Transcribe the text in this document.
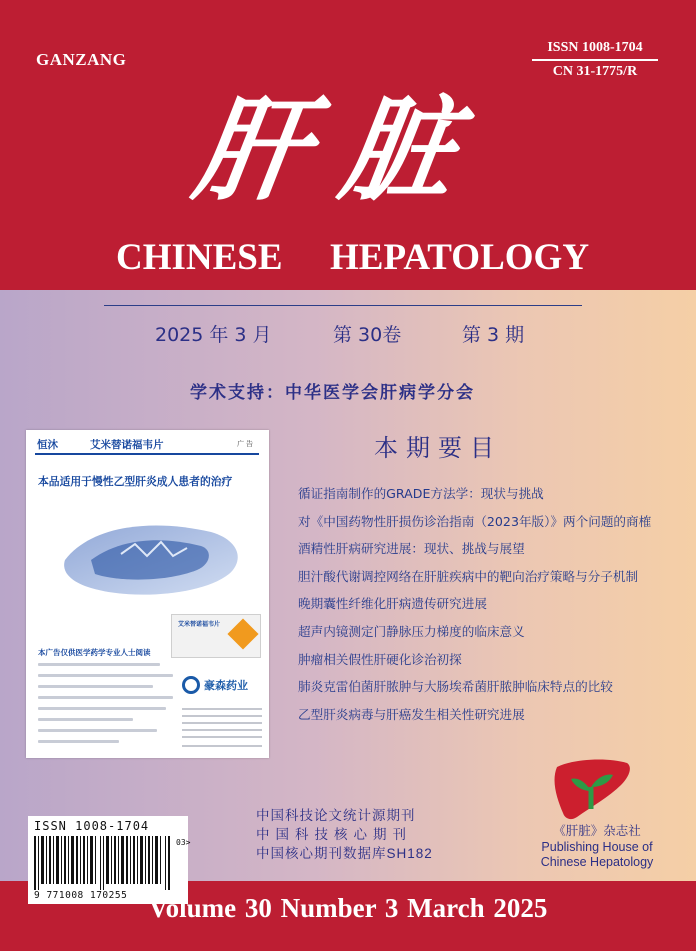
GANZANG
ISSN 1008-1704
CN 31-1775/R
肝脏
CHINESE HEPATOLOGY
2025 年 3 月	第 30卷	第 3 期
学术支持：中华医学会肝病学分会
本期要目
循证指南制作的GRADE方法学：现状与挑战
对《中国药物性肝损伤诊治指南（2023年版）》两个问题的商榷
酒精性肝病研究进展：现状、挑战与展望
胆汁酸代谢调控网络在肝脏疾病中的靶向治疗策略与分子机制
晚期囊性纤维化肝病遗传研究进展
超声内镜测定门静脉压力梯度的临床意义
肿瘤相关假性肝硬化诊治初探
肺炎克雷伯菌肝脓肿与大肠埃希菌肝脓肿临床特点的比较
乙型肝炎病毒与肝癌发生相关性研究进展
恒沐	艾米替诺福韦片	广 告
本品适用于慢性乙型肝炎成人患者的治疗
艾米替诺福韦片
本广告仅供医学药学专业人士阅读
豪森药业
ISSN 1008-1704
03>
9 771008 170255
中国科技论文统计源期刊
中国科技核心期刊
中国核心期刊数据库SH182
《肝脏》杂志社
Publishing House of
Chinese Hepatology
Volume 30 Number 3 March 2025
